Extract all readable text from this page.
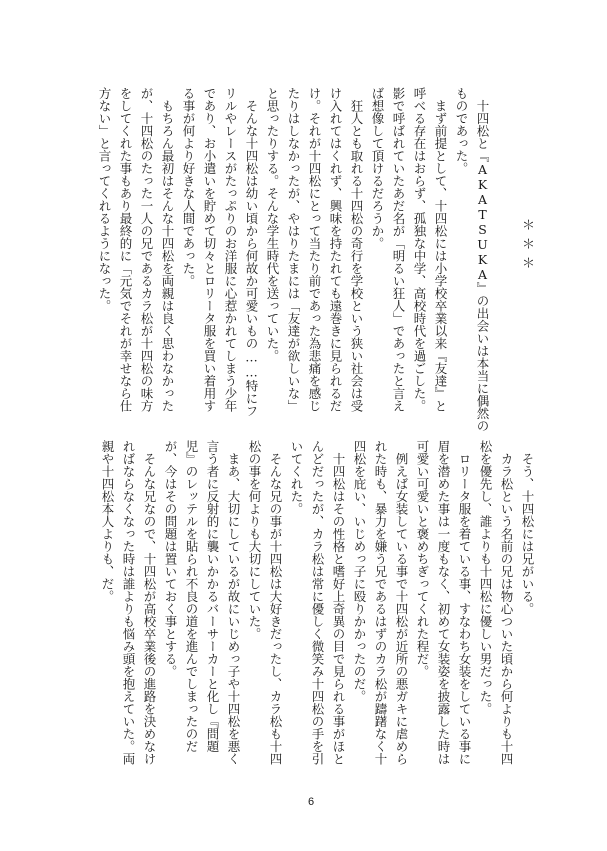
＊＊＊
　十四松と『AKATSUKA』の出会いは本当に偶然の
ものであった。
　まず前提として、十四松には小学校卒業以来『友達』と
呼べる存在はおらず、孤独な中学、高校時代を過ごした。
影で呼ばれていたあだ名が「明るい狂人」であったと言え
ば想像して頂けるだろうか。
　狂人とも取れる十四松の奇行を学校という狭い社会は受
け入れてはくれず、興味を持たれても遠巻きに見られるだ
け。それが十四松にとって当たり前であった為悲痛を感じ
たりはしなかったが、やはりたまには「友達が欲しいな」
と思ったりする。そんな学生時代を送っていた。
　そんな十四松は幼い頃から何故か可愛いもの……特にフ
リルやレースがたっぷりのお洋服に心惹かれてしまう少年
であり、お小遣いを貯めて切々とロリータ服を買い着用す
る事が何より好きな人間であった。
　もちろん最初はそんな十四松を両親は良く思わなかった
が、十四松のたった一人の兄であるカラ松が十四松の味方
をしてくれた事もあり最終的に「元気でそれが幸せなら仕
方ない」と言ってくれるようになった。
　そう、十四松には兄がいる。
　カラ松という名前の兄は物心ついた頃から何よりも十四
松を優先し、誰よりも十四松に優しい男だった。
　ロリータ服を着ている事、すなわち女装をしている事に
眉を潜めた事は一度もなく、初めて女装姿を披露した時は
可愛い可愛いと褒めちぎってくれた程だ。
　例えば女装している事で十四松が近所の悪ガキに虐めら
れた時も、暴力を嫌う兄であるはずのカラ松が躊躇なく十
四松を庇い、いじめっ子に殴りかかったのだ。
　十四松はその性格と嗜好上奇異の目で見られる事がほと
んどだったが、カラ松は常に優しく微笑み十四松の手を引
いてくれた。
　そんな兄の事が十四松は大好きだったし、カラ松も十四
松の事を何よりも大切にしていた。
　まあ、大切にしているが故にいじめっ子や十四松を悪く
言う者に反射的に襲いかかるバーサーカーと化し『問題
児』のレッテルを貼られ不良の道を進んでしまったのだ
が、今はその問題は置いておく事とする。
　そんな兄なので、十四松が高校卒業後の進路を決めなけ
ればならなくなった時は誰よりも悩み頭を抱えていた。両
親や十四松本人よりも、だ。
6
